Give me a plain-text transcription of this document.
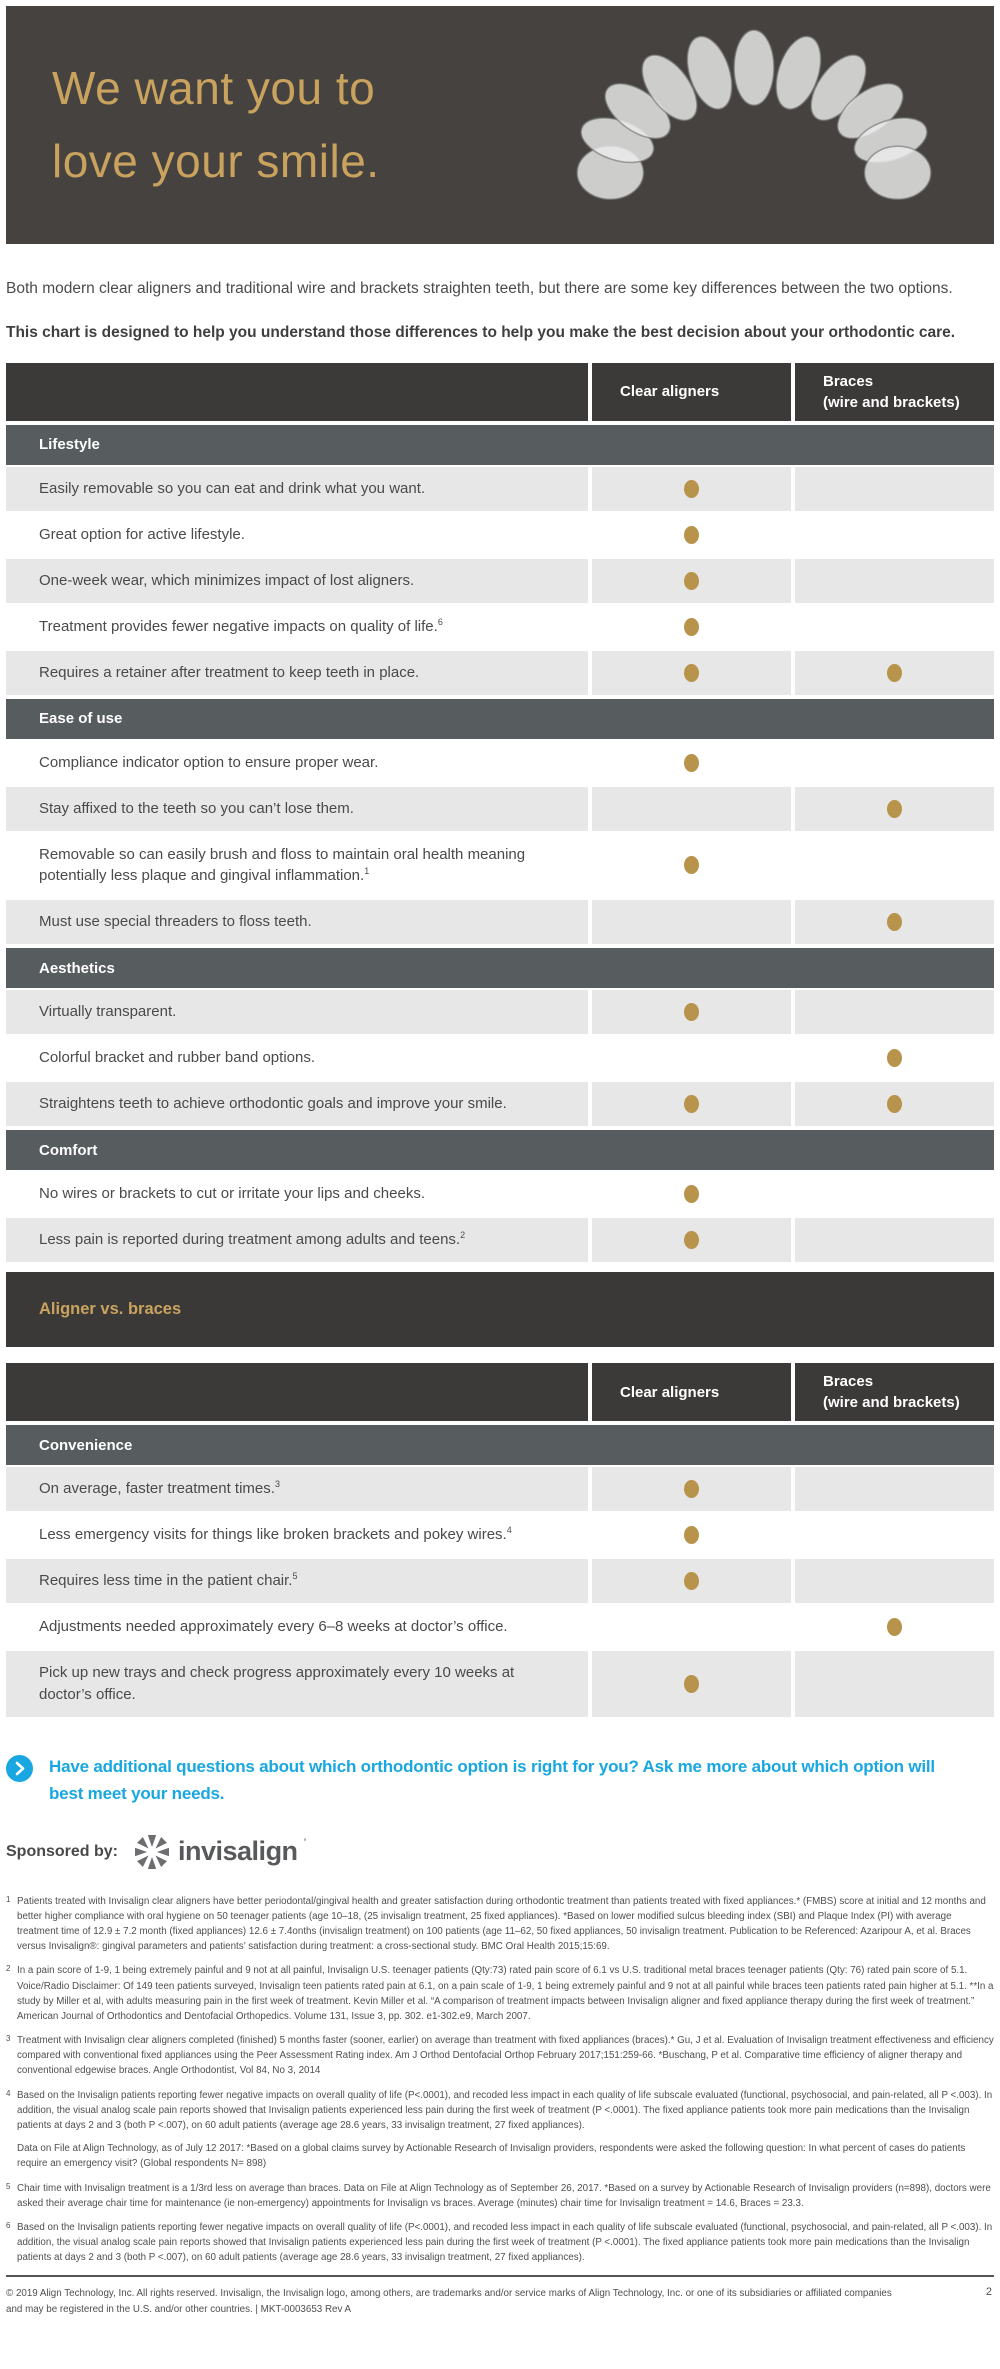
We want you to
love your smile.

Both modern clear aligners and traditional wire and brackets straighten teeth, but there are some key differences between the two options.

This chart is designed to help you understand those differences to help you make the best decision about your orthodontic care.

Clear aligners
Braces
(wire and brackets)
Lifestyle
Easily removable so you can eat and drink what you want.
Great option for active lifestyle.
One-week wear, which minimizes impact of lost aligners.
Treatment provides fewer negative impacts on quality of life.$^6$
Requires a retainer after treatment to keep teeth in place.
Ease of use
Compliance indicator option to ensure proper wear.
Stay affixed to the teeth so you can’t lose them.
Removable so can easily brush and floss to maintain oral health meaning potentially less plaque and gingival inflammation.$^1$
Must use special threaders to floss teeth.
Aesthetics
Virtually transparent.
Colorful bracket and rubber band options.
Straightens teeth to achieve orthodontic goals and improve your smile.
Comfort
No wires or brackets to cut or irritate your lips and cheeks.
Less pain is reported during treatment among adults and teens.$^2$
Aligner vs. braces
Clear aligners
Braces
(wire and brackets)
Convenience
On average, faster treatment times.$^3$
Less emergency visits for things like broken brackets and pokey wires.$^4$
Requires less time in the patient chair.$^5$
Adjustments needed approximately every 6–8 weeks at doctor’s office.
Pick up new trays and check progress approximately every 10 weeks at doctor’s office.

Have additional questions about which orthodontic option is right for you? Ask me more about which option will best meet your needs.

Sponsored by: invisalign ’
1 Patients treated with Invisalign clear aligners have better periodontal/gingival health and greater satisfaction during orthodontic treatment than patients treated with fixed appliances.* (FMBS) score at initial and 12 months and better higher compliance with oral hygiene on 50 teenager patients (age 10–18, (25 invisalign treatment, 25 fixed appliances). *Based on lower modified sulcus bleeding index (SBI) and Plaque Index (PI) with average treatment time of 12.9 ± 7.2 month (fixed appliances) 12.6 ± 7.4onths (invisalign treatment) on 100 patients (age 11–62, 50 fixed appliances, 50 invisalign treatment. Publication to be Referenced: Azaripour A, et al. Braces versus Invisalign®: gingival parameters and patients’ satisfaction during treatment: a cross-sectional study. BMC Oral Health 2015;15:69.

2 In a pain score of 1-9, 1 being extremely painful and 9 not at all painful, Invisalign U.S. teenager patients (Qty:73) rated pain score of 6.1 vs U.S. traditional metal braces teenager patients (Qty: 76) rated pain score of 5.1. Voice/Radio Disclaimer: Of 149 teen patients surveyed, Invisalign teen patients rated pain at 6.1, on a pain scale of 1-9, 1 being extremely painful and 9 not at all painful while braces teen patients rated pain higher at 5.1. **In a study by Miller et al, with adults measuring pain in the first week of treatment. Kevin Miller et al. “A comparison of treatment impacts between Invisalign aligner and fixed appliance therapy during the first week of treatment.” American Journal of Orthodontics and Dentofacial Orthopedics. Volume 131, Issue 3, pp. 302. e1-302.e9, March 2007.

3 Treatment with Invisalign clear aligners completed (finished) 5 months faster (sooner, earlier) on average than treatment with fixed appliances (braces).* Gu, J et al. Evaluation of Invisalign treatment effectiveness and efficiency compared with conventional fixed appliances using the Peer Assessment Rating index. Am J Orthod Dentofacial Orthop February 2017;151:259-66. *Buschang, P et al. Comparative time efficiency of aligner therapy and conventional edgewise braces. Angle Orthodontist, Vol 84, No 3, 2014

4 Based on the Invisalign patients reporting fewer negative impacts on overall quality of life (P<.0001), and recoded less impact in each quality of life subscale evaluated (functional, psychosocial, and pain-related, all P <.003). In addition, the visual analog scale pain reports showed that Invisalign patients experienced less pain during the first week of treatment (P <.0001). The fixed appliance patients took more pain medications than the Invisalign patients at days 2 and 3 (both P <.007), on 60 adult patients (average age 28.6 years, 33 invisalign treatment, 27 fixed appliances).

Data on File at Align Technology, as of July 12 2017: *Based on a global claims survey by Actionable Research of Invisalign providers, respondents were asked the following question: In what percent of cases do patients require an emergency visit? (Global respondents N= 898)

5 Chair time with Invisalign treatment is a 1/3rd less on average than braces. Data on File at Align Technology as of September 26, 2017. *Based on a survey by Actionable Research of Invisalign providers (n=898), doctors were asked their average chair time for maintenance (ie non-emergency) appointments for Invisalign vs braces. Average (minutes) chair time for Invisalign treatment = 14.6, Braces = 23.3.

6 Based on the Invisalign patients reporting fewer negative impacts on overall quality of life (P<.0001), and recoded less impact in each quality of life subscale evaluated (functional, psychosocial, and pain-related, all P <.003). In addition, the visual analog scale pain reports showed that Invisalign patients experienced less pain during the first week of treatment (P <.0001). The fixed appliance patients took more pain medications than the Invisalign patients at days 2 and 3 (both P <.007), on 60 adult patients (average age 28.6 years, 33 invisalign treatment, 27 fixed appliances).

© 2019 Align Technology, Inc. All rights reserved. Invisalign, the Invisalign logo, among others, are trademarks and/or service marks of Align Technology, Inc. or one of its subsidiaries or affiliated companies and may be registered in the U.S. and/or other countries. | MKT-0003653 Rev A

2
